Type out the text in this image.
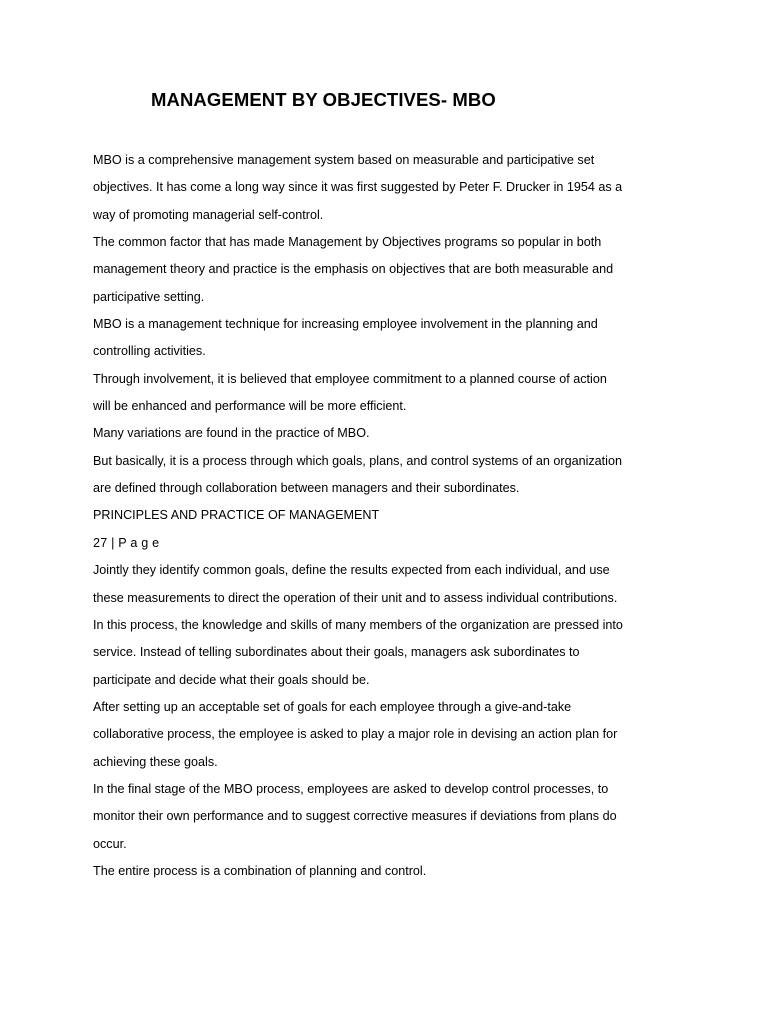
MANAGEMENT BY OBJECTIVES- MBO
MBO is a comprehensive management system based on measurable and participative set
objectives. It has come a long way since it was first suggested by Peter F. Drucker in 1954 as a
way of promoting managerial self-control.
The common factor that has made Management by Objectives programs so popular in both
management theory and practice is the emphasis on objectives that are both measurable and
participative setting.
MBO is a management technique for increasing employee involvement in the planning and
controlling activities.
Through involvement, it is believed that employee commitment to a planned course of action
will be enhanced and performance will be more efficient.
Many variations are found in the practice of MBO.
But basically, it is a process through which goals, plans, and control systems of an organization
are defined through collaboration between managers and their subordinates.
PRINCIPLES AND PRACTICE OF MANAGEMENT
27 | P a g e
Jointly they identify common goals, define the results expected from each individual, and use
these measurements to direct the operation of their unit and to assess individual contributions.
In this process, the knowledge and skills of many members of the organization are pressed into
service. Instead of telling subordinates about their goals, managers ask subordinates to
participate and decide what their goals should be.
After setting up an acceptable set of goals for each employee through a give-and-take
collaborative process, the employee is asked to play a major role in devising an action plan for
achieving these goals.
In the final stage of the MBO process, employees are asked to develop control processes, to
monitor their own performance and to suggest corrective measures if deviations from plans do
occur.
The entire process is a combination of planning and control.
